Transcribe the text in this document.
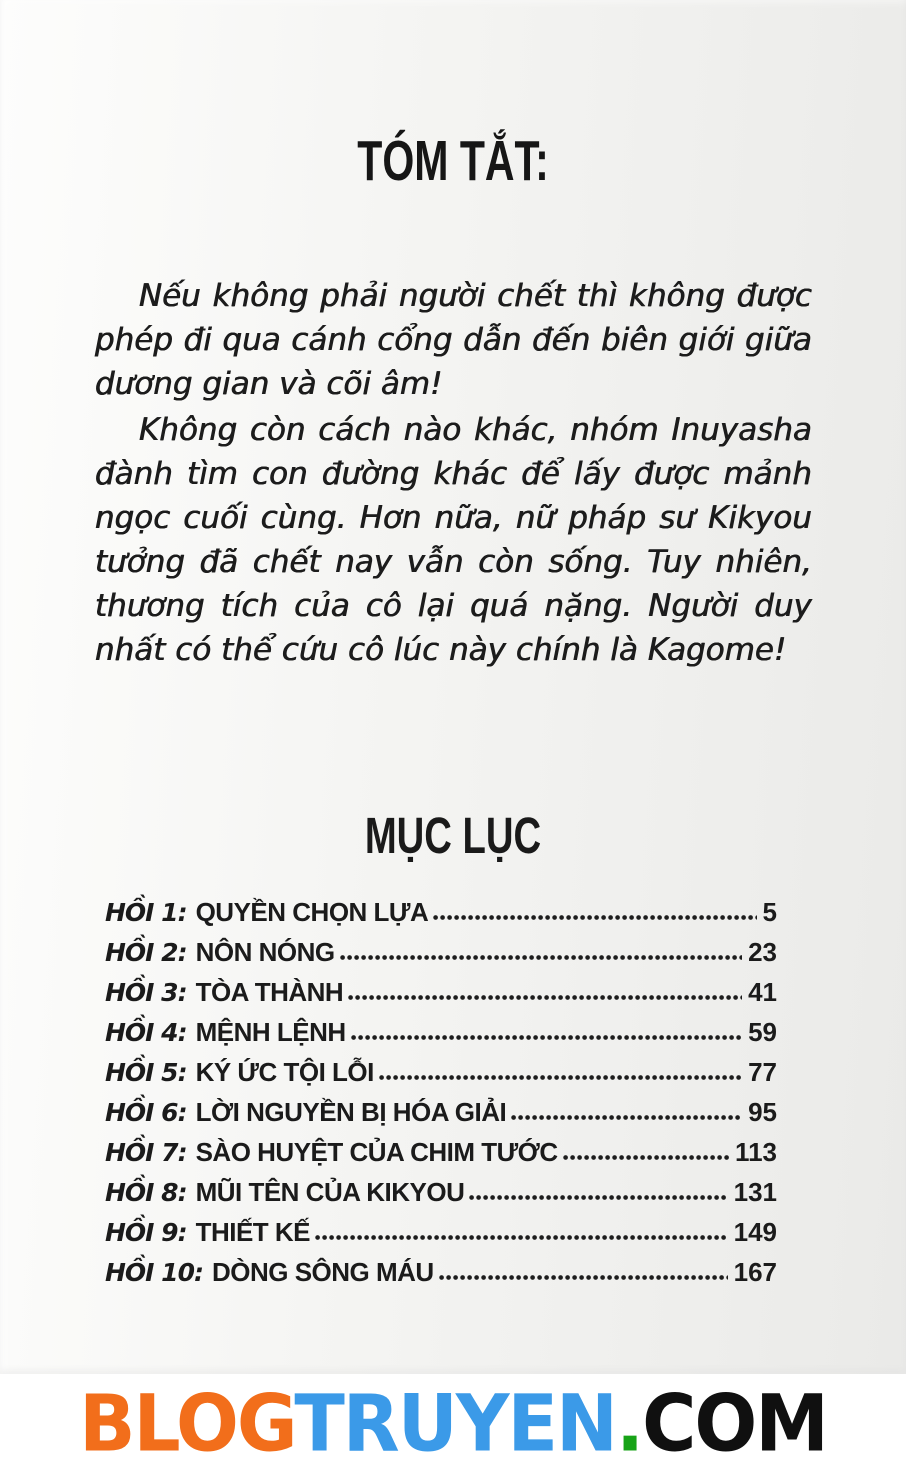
TÓM TẮT:

Nếu không phải người chết thì không được phép đi qua cánh cổng dẫn đến biên giới giữa dương gian và cõi âm!

Không còn cách nào khác, nhóm Inuyasha đành tìm con đường khác để lấy được mảnh ngọc cuối cùng. Hơn nữa, nữ pháp sư Kikyou tưởng đã chết nay vẫn còn sống. Tuy nhiên, thương tích của cô lại quá nặng. Người duy nhất có thể cứu cô lúc này chính là Kagome!

MỤC LỤC
HỒI 1: QUYỀN CHỌN LỰA	5
HỒI 2: NÔN NÓNG	23
HỒI 3: TÒA THÀNH	41
HỒI 4: MỆNH LỆNH	59
HỒI 5: KÝ ỨC TỘI LỖI	77
HỒI 6: LỜI NGUYỀN BỊ HÓA GIẢI	95
HỒI 7: SÀO HUYỆT CỦA CHIM TƯỚC	113
HỒI 8: MŨI TÊN CỦA KIKYOU	131
HỒI 9: THIẾT KẾ	149
HỒI 10: DÒNG SÔNG MÁU	167
BLOGTRUYEN.COM
